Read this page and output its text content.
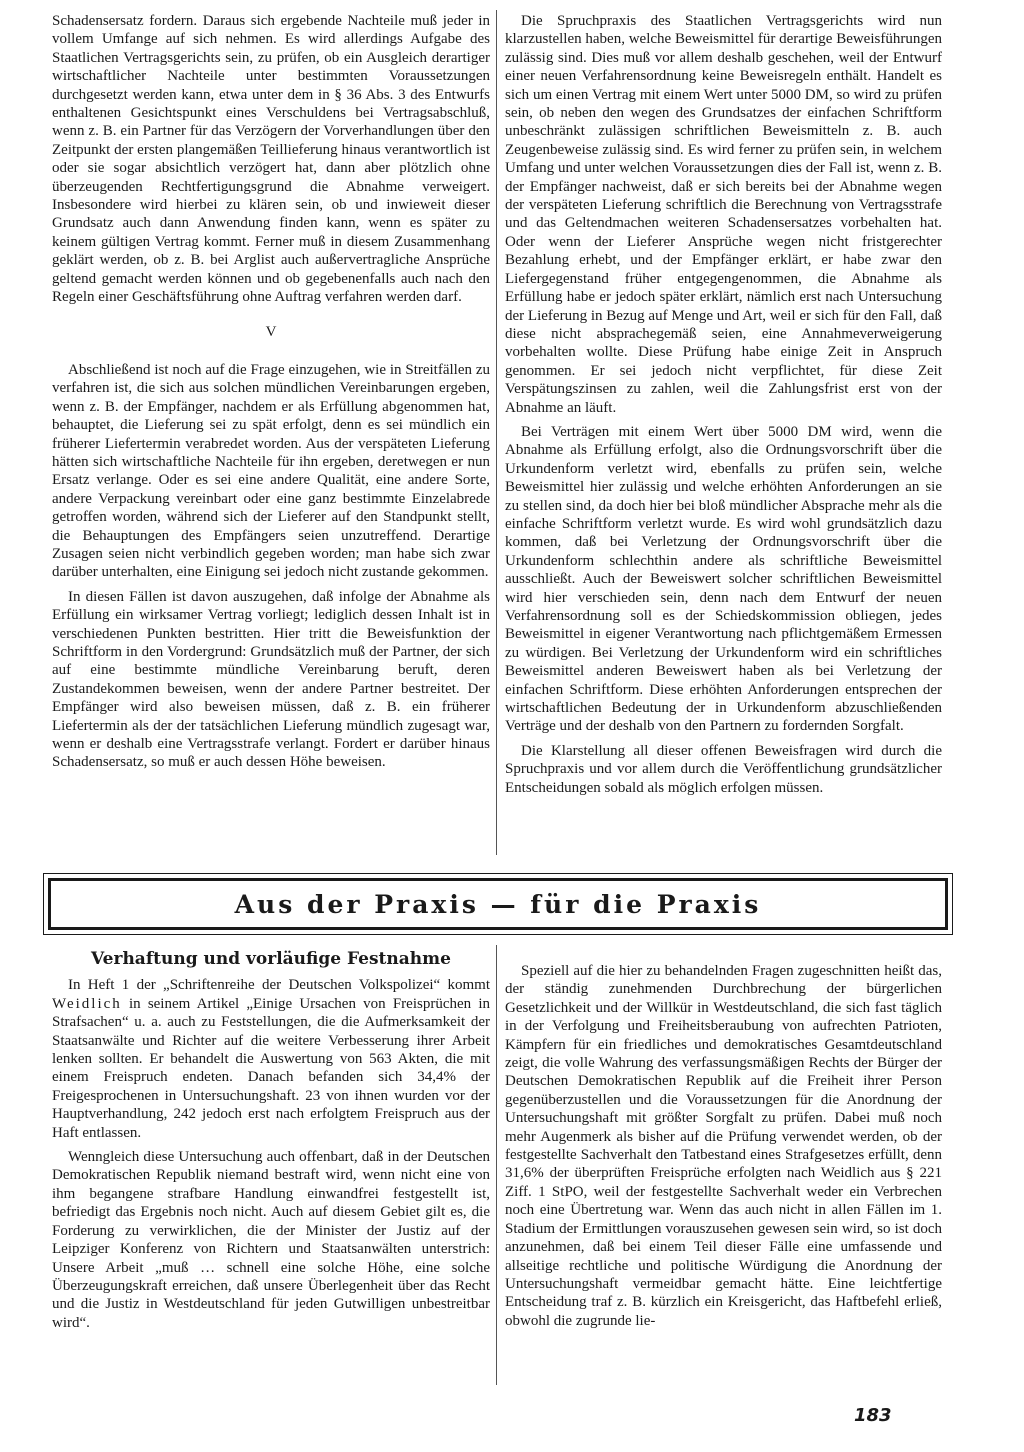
Schadensersatz fordern. Daraus sich ergebende Nachteile muß jeder in vollem Umfange auf sich nehmen. Es wird allerdings Aufgabe des Staatlichen Vertragsgerichts sein, zu prüfen, ob ein Ausgleich derartiger wirtschaftlicher Nachteile unter bestimmten Voraussetzungen durchgesetzt werden kann, etwa unter dem in § 36 Abs. 3 des Entwurfs enthaltenen Gesichtspunkt eines Verschuldens bei Vertragsabschluß, wenn z. B. ein Partner für das Verzögern der Vorverhandlungen über den Zeitpunkt der ersten plangemäßen Teillieferung hinaus verantwortlich ist oder sie sogar absichtlich verzögert hat, dann aber plötzlich ohne überzeugenden Rechtfertigungsgrund die Abnahme verweigert. Insbesondere wird hierbei zu klären sein, ob und inwieweit dieser Grundsatz auch dann Anwendung finden kann, wenn es später zu keinem gültigen Vertrag kommt. Ferner muß in diesem Zusammenhang geklärt werden, ob z. B. bei Arglist auch außervertragliche Ansprüche geltend gemacht werden können und ob gegebenenfalls auch nach den Regeln einer Geschäftsführung ohne Auftrag verfahren werden darf.

V

Abschließend ist noch auf die Frage einzugehen, wie in Streitfällen zu verfahren ist, die sich aus solchen mündlichen Vereinbarungen ergeben, wenn z. B. der Empfänger, nachdem er als Erfüllung abgenommen hat, behauptet, die Lieferung sei zu spät erfolgt, denn es sei mündlich ein früherer Liefertermin verabredet worden. Aus der verspäteten Lieferung hätten sich wirtschaftliche Nachteile für ihn ergeben, deretwegen er nun Ersatz verlange. Oder es sei eine andere Qualität, eine andere Sorte, andere Verpackung vereinbart oder eine ganz bestimmte Einzelabrede getroffen worden, während sich der Lieferer auf den Standpunkt stellt, die Behauptungen des Empfängers seien unzutreffend. Derartige Zusagen seien nicht verbindlich gegeben worden; man habe sich zwar darüber unterhalten, eine Einigung sei jedoch nicht zustande gekommen.

In diesen Fällen ist davon auszugehen, daß infolge der Abnahme als Erfüllung ein wirksamer Vertrag vorliegt; lediglich dessen Inhalt ist in verschiedenen Punkten bestritten. Hier tritt die Beweisfunktion der Schriftform in den Vordergrund: Grundsätzlich muß der Partner, der sich auf eine bestimmte mündliche Vereinbarung beruft, deren Zustandekommen beweisen, wenn der andere Partner bestreitet. Der Empfänger wird also beweisen müssen, daß z. B. ein früherer Liefertermin als der der tatsächlichen Lieferung mündlich zugesagt war, wenn er deshalb eine Vertragsstrafe verlangt. Fordert er darüber hinaus Schadensersatz, so muß er auch dessen Höhe beweisen.

Die Spruchpraxis des Staatlichen Vertragsgerichts wird nun klarzustellen haben, welche Beweismittel für derartige Beweisführungen zulässig sind. Dies muß vor allem deshalb geschehen, weil der Entwurf einer neuen Verfahrensordnung keine Beweisregeln enthält. Handelt es sich um einen Vertrag mit einem Wert unter 5000 DM, so wird zu prüfen sein, ob neben den wegen des Grundsatzes der einfachen Schriftform unbeschränkt zulässigen schriftlichen Beweismitteln z. B. auch Zeugenbeweise zulässig sind. Es wird ferner zu prüfen sein, in welchem Umfang und unter welchen Voraussetzungen dies der Fall ist, wenn z. B. der Empfänger nachweist, daß er sich bereits bei der Abnahme wegen der verspäteten Lieferung schriftlich die Berechnung von Vertragsstrafe und das Geltendmachen weiteren Schadensersatzes vorbehalten hat. Oder wenn der Lieferer Ansprüche wegen nicht fristgerechter Bezahlung erhebt, und der Empfänger erklärt, er habe zwar den Liefergegenstand früher entgegengenommen, die Abnahme als Erfüllung habe er jedoch später erklärt, nämlich erst nach Untersuchung der Lieferung in Bezug auf Menge und Art, weil er sich für den Fall, daß diese nicht absprachegemäß seien, eine Annahmeverweigerung vorbehalten wollte. Diese Prüfung habe einige Zeit in Anspruch genommen. Er sei jedoch nicht verpflichtet, für diese Zeit Verspätungszinsen zu zahlen, weil die Zahlungsfrist erst von der Abnahme an läuft.

Bei Verträgen mit einem Wert über 5000 DM wird, wenn die Abnahme als Erfüllung erfolgt, also die Ordnungsvorschrift über die Urkundenform verletzt wird, ebenfalls zu prüfen sein, welche Beweismittel hier zulässig und welche erhöhten Anforderungen an sie zu stellen sind, da doch hier bei bloß mündlicher Absprache mehr als die einfache Schriftform verletzt wurde. Es wird wohl grundsätzlich dazu kommen, daß bei Verletzung der Ordnungsvorschrift über die Urkundenform schlechthin andere als schriftliche Beweismittel ausschließt. Auch der Beweiswert solcher schriftlichen Beweismittel wird hier verschieden sein, denn nach dem Entwurf der neuen Verfahrensordnung soll es der Schiedskommission obliegen, jedes Beweismittel in eigener Verantwortung nach pflichtgemäßem Ermessen zu würdigen. Bei Verletzung der Urkundenform wird ein schriftliches Beweismittel anderen Beweiswert haben als bei Verletzung der einfachen Schriftform. Diese erhöhten Anforderungen entsprechen der wirtschaftlichen Bedeutung der in Urkundenform abzuschließenden Verträge und der deshalb von den Partnern zu fordernden Sorgfalt.

Die Klarstellung all dieser offenen Beweisfragen wird durch die Spruchpraxis und vor allem durch die Veröffentlichung grundsätzlicher Entscheidungen sobald als möglich erfolgen müssen.

Aus der Praxis — für die Praxis
Verhaftung und vorläufige Festnahme

In Heft 1 der „Schriftenreihe der Deutschen Volkspolizei“ kommt Weidlich in seinem Artikel „Einige Ursachen von Freisprüchen in Strafsachen“ u. a. auch zu Feststellungen, die die Aufmerksamkeit der Staatsanwälte und Richter auf die weitere Verbesserung ihrer Arbeit lenken sollten. Er behandelt die Auswertung von 563 Akten, die mit einem Freispruch endeten. Danach befanden sich 34,4% der Freigesprochenen in Untersuchungshaft. 23 von ihnen wurden vor der Hauptverhandlung, 242 jedoch erst nach erfolgtem Freispruch aus der Haft entlassen.

Wenngleich diese Untersuchung auch offenbart, daß in der Deutschen Demokratischen Republik niemand bestraft wird, wenn nicht eine von ihm begangene strafbare Handlung einwandfrei festgestellt ist, befriedigt das Ergebnis noch nicht. Auch auf diesem Gebiet gilt es, die Forderung zu verwirklichen, die der Minister der Justiz auf der Leipziger Konferenz von Richtern und Staatsanwälten unterstrich: Unsere Arbeit „muß … schnell eine solche Höhe, eine solche Überzeugungskraft erreichen, daß unsere Überlegenheit über das Recht und die Justiz in Westdeutschland für jeden Gutwilligen unbestreitbar wird“.

Speziell auf die hier zu behandelnden Fragen zugeschnitten heißt das, der ständig zunehmenden Durchbrechung der bürgerlichen Gesetzlichkeit und der Willkür in Westdeutschland, die sich fast täglich in der Verfolgung und Freiheitsberaubung von aufrechten Patrioten, Kämpfern für ein friedliches und demokratisches Gesamtdeutschland zeigt, die volle Wahrung des verfassungsmäßigen Rechts der Bürger der Deutschen Demokratischen Republik auf die Freiheit ihrer Person gegenüberzustellen und die Voraussetzungen für die Anordnung der Untersuchungshaft mit größter Sorgfalt zu prüfen. Dabei muß noch mehr Augenmerk als bisher auf die Prüfung verwendet werden, ob der festgestellte Sachverhalt den Tatbestand eines Strafgesetzes erfüllt, denn 31,6% der überprüften Freisprüche erfolgten nach Weidlich aus § 221 Ziff. 1 StPO, weil der festgestellte Sachverhalt weder ein Verbrechen noch eine Übertretung war. Wenn das auch nicht in allen Fällen im 1. Stadium der Ermittlungen vorauszusehen gewesen sein wird, so ist doch anzunehmen, daß bei einem Teil dieser Fälle eine umfassende und allseitige rechtliche und politische Würdigung die Anordnung der Untersuchungshaft vermeidbar gemacht hätte. Eine leichtfertige Entscheidung traf z. B. kürzlich ein Kreisgericht, das Haftbefehl erließ, obwohl die zugrunde lie-

183
